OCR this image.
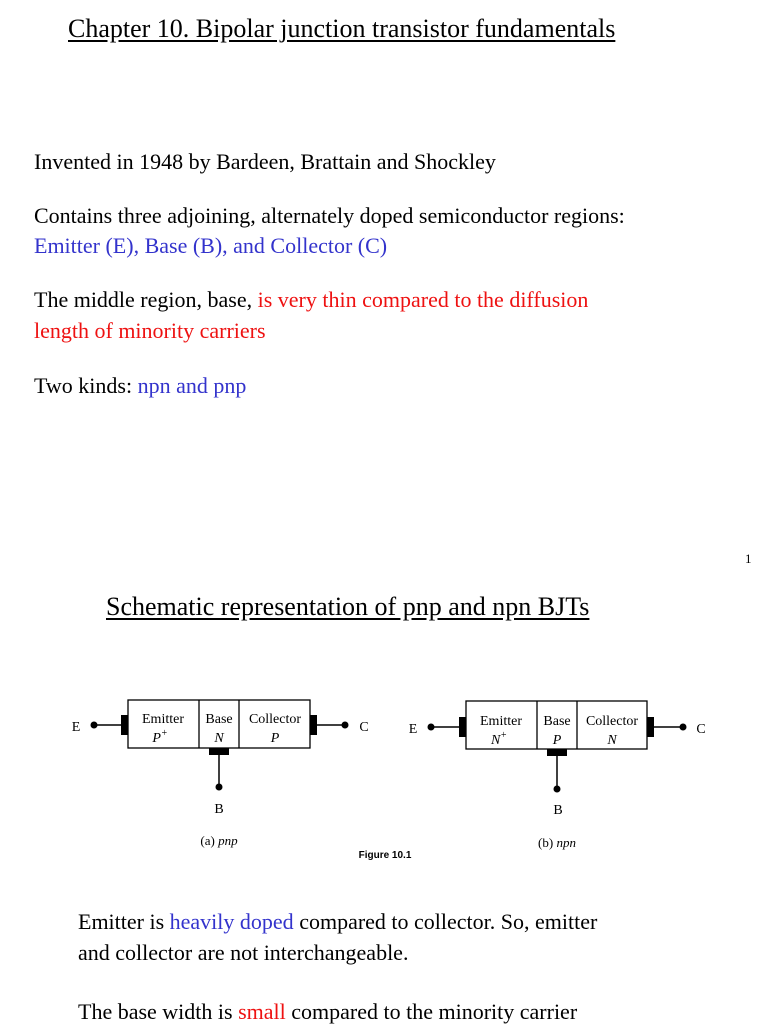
Chapter 10. Bipolar junction transistor fundamentals
Invented in 1948 by Bardeen, Brattain and Shockley
Contains three adjoining, alternately doped semiconductor regions:
Emitter (E), Base (B), and Collector (C)
The middle region, base, is very thin compared to the diffusion
length of minority carriers
Two kinds: npn and pnp
1
Schematic representation of pnp and npn BJTs
Emitter
P+
Base
N
Collector
P
E	C
B
(a) pnp
Emitter
N+
Base
P
Collector
N
E	C
B
(b) npn
Figure 10.1
Emitter is heavily doped compared to collector. So, emitter
and collector are not interchangeable.
The base width is small compared to the minority carrier
